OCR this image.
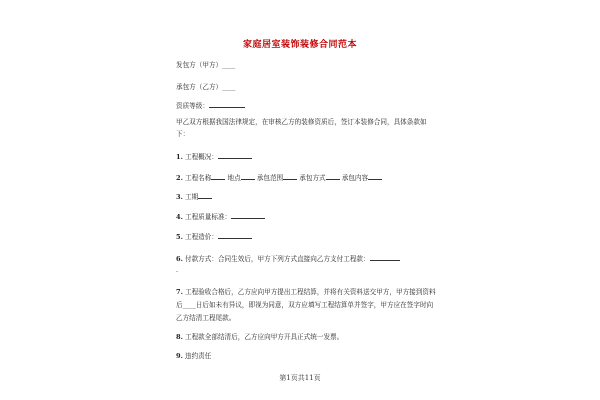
家庭居室装饰装修合同范本
发包方（甲方）____
承包方（乙方）____
资质等级：
甲乙双方根据我国法律规定，在审核乙方的装修资质后，签订本装修合同，具体条款如下：
1. 工程概况：
2. 工程名称 地点 承包范围 承包方式 承包内容
3. 工期
4. 工程质量标准：
5. 工程造价：
6. 付款方式：合同生效后，甲方下列方式直接向乙方支付工程款：
-
7. 工程验收合格后，乙方应向甲方提出工程结算，并将有关资料送交甲方，甲方接到资料后____日后如未有异议，即视为同意，双方应填写工程结算单并签字，甲方应在签字时向乙方结清工程尾款。
8. 工程款全部结清后，乙方应向甲方开具正式统一发票。
9. 违约责任
第1页共11页
